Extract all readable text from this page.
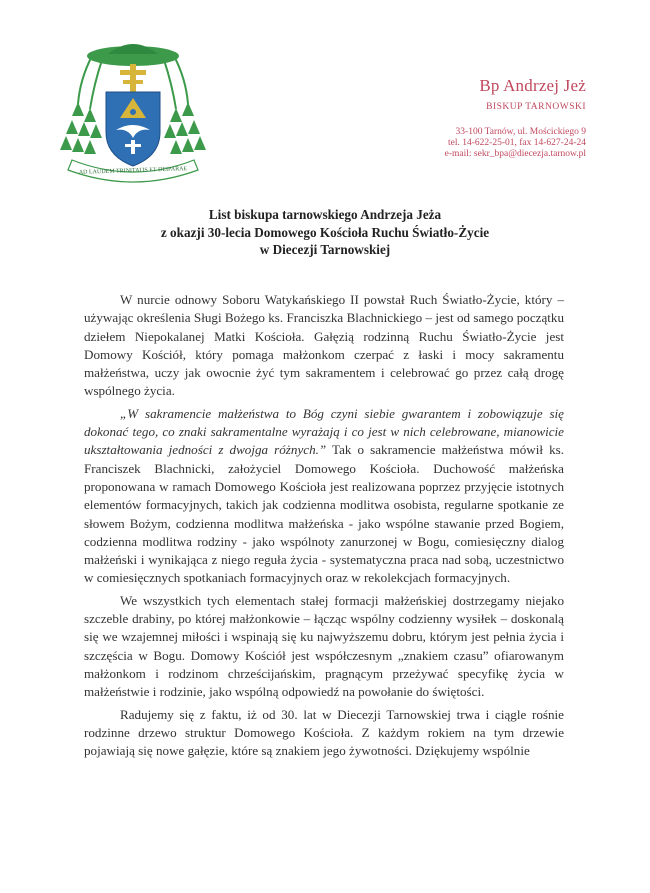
AD LAUDEM TRINITATIS ET DEIPARAE
Bp Andrzej Jeż
BISKUP TARNOWSKI
33-100 Tarnów, ul. Mościckiego 9
tel. 14-622-25-01, fax 14-627-24-24
e-mail: sekr_bpa@diecezja.tarnow.pl
List biskupa tarnowskiego Andrzeja Jeża
z okazji 30-lecia Domowego Kościoła Ruchu Światło-Życie
w Diecezji Tarnowskiej

W nurcie odnowy Soboru Watykańskiego II powstał Ruch Światło-Życie, który – używając określenia Sługi Bożego ks. Franciszka Blachnickiego – jest od samego początku dziełem Niepokalanej Matki Kościoła. Gałęzią rodzinną Ruchu Światło-Życie jest Domowy Kościół, który pomaga małżonkom czerpać z łaski i mocy sakramentu małżeństwa, uczy jak owocnie żyć tym sakramentem i celebrować go przez całą drogę wspólnego życia.

„W sakramencie małżeństwa to Bóg czyni siebie gwarantem i zobowiązuje się dokonać tego, co znaki sakramentalne wyrażają i co jest w nich celebrowane, mianowicie ukształtowania jedności z dwojga różnych.” Tak o sakramencie małżeństwa mówił ks. Franciszek Blachnicki, założyciel Domowego Kościoła. Duchowość małżeńska proponowana w ramach Domowego Kościoła jest realizowana poprzez przyjęcie istotnych elementów formacyjnych, takich jak codzienna modlitwa osobista, regularne spotkanie ze słowem Bożym, codzienna modlitwa małżeńska - jako wspólne stawanie przed Bogiem, codzienna modlitwa rodziny - jako wspólnoty zanurzonej w Bogu, comiesięczny dialog małżeński i wynikająca z niego reguła życia - systematyczna praca nad sobą, uczestnictwo w comiesięcznych spotkaniach formacyjnych oraz w rekolekcjach formacyjnych.

We wszystkich tych elementach stałej formacji małżeńskiej dostrzegamy niejako szczeble drabiny, po której małżonkowie – łącząc wspólny codzienny wysiłek – doskonalą się we wzajemnej miłości i wspinają się ku najwyższemu dobru, którym jest pełnia życia i szczęścia w Bogu. Domowy Kościół jest współczesnym „znakiem czasu” ofiarowanym małżonkom i rodzinom chrześcijańskim, pragnącym przeżywać specyfikę życia w małżeństwie i rodzinie, jako wspólną odpowiedź na powołanie do świętości.

Radujemy się z faktu, iż od 30. lat w Diecezji Tarnowskiej trwa i ciągle rośnie rodzinne drzewo struktur Domowego Kościoła. Z każdym rokiem na tym drzewie pojawiają się nowe gałęzie, które są znakiem jego żywotności. Dziękujemy wspólnie
